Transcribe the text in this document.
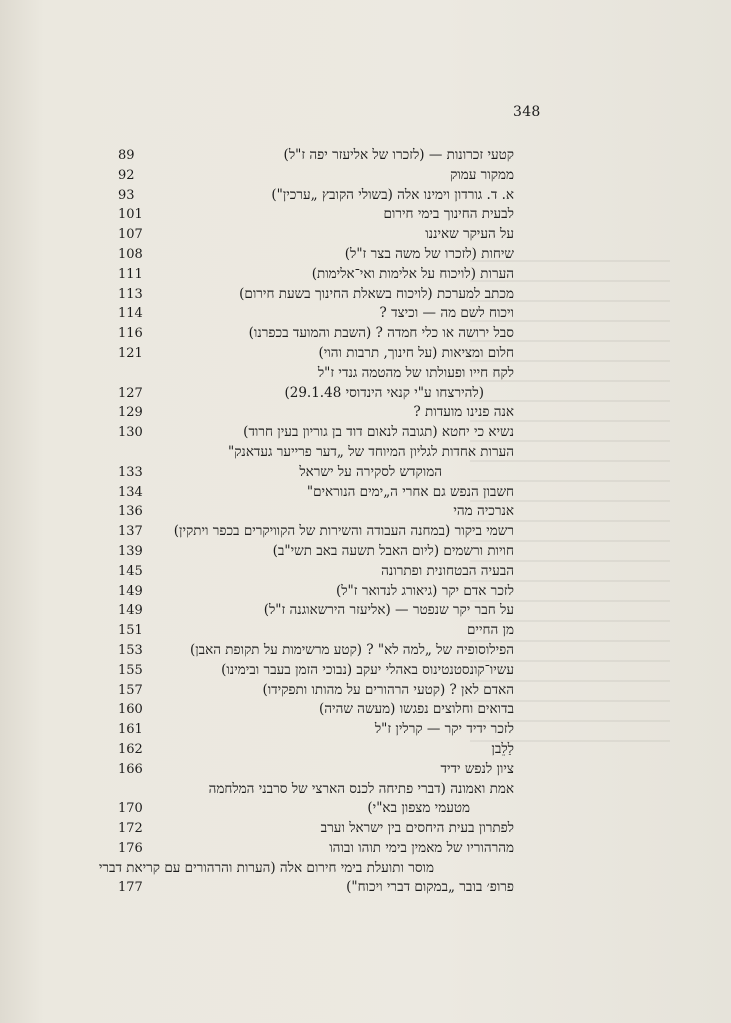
348
קטעי זכרונות — (לזכרו של אליעזר יפה ז"ל)
89
ממקור עמוק
92
א. ד. גורדון וימינו אלה (בשולי הקובץ „ערכין")
93
לבעית החינוך בימי חירום
101
על העיקר שאיננו
107
שיחות (לזכרו של משה בצר ז"ל)
108
הערות (לויכוח על אלימות ואי־אלימות)
111
מכתב למערכת (לויכוח בשאלת החינוך בשעת חירום)
113
ויכוח לשם מה — וכיצד ?
114
סבל ירושה או כלי חמדה ? (השבת והמועד בכפרנו)
116
חלום ומציאות (על חינוך, תרבות והוי)
121
לקח חייו ופעולתו של מהטמה גנדי ז"ל
(להירצחו ע"י קנאי הינדוסי 29.1.48)
127
אנה פנינו מועדות ?
129
נשיא כי יחטא (תגובה לנאום דוד בן גוריון בעין חרוד)
130
הערות אחדות לגליון המיוחד של „דער פרייער געדאנק"
המוקדש לסקירה על ישראל
133
חשבון הנפש גם אחרי ה„ימים הנוראים"
134
אנרכיה מהי
136
רשמי ביקור (במחנה העבודה והשירות של הקוויקרים בכפר ויתקין)
137
חויות ורשמים (ליום האבל תשעה באב תשי"ב)
139
הבעיה הבטחונית ופתרונה
145
לזכר אדם יקר (גיאורג לנדואר ז"ל)
149
על חבר יקר שנפטר — (אליעזר הירשאוגנה ז"ל)
149
מן החיים
151
הפילוסופיה של „למה לא" ? (קטע מרשימות על תקופת האבן)
153
עשיו־קונסטנטינוס באהלי יעקב (נבוכי הזמן בעבר ובימינו)
155
האדם לאן ? (קטעי הרהורים על מהותו ותפקידו)
157
בדואים וחלוצים נפגשו (מעשה שהיה)
160
לזכר ידיד יקר — קרלין ז"ל
161
לַלֵבן
162
ציון לנפש ידיד
166
אמת ואמונה (דברי פתיחה לכנס הארצי של סרבני המלחמה
מטעמי מצפון בא"י)
170
לפתרון בעית היחסים בין ישראל וערב
172
מהרהוריו של מאמין בימי תוהו ובוהו
176
מוסר ותועלת בימי חירום אלה (הערות והרהורים עם קריאת דברי
פרופ׳ בובר „במקום דברי ויכוח")
177
